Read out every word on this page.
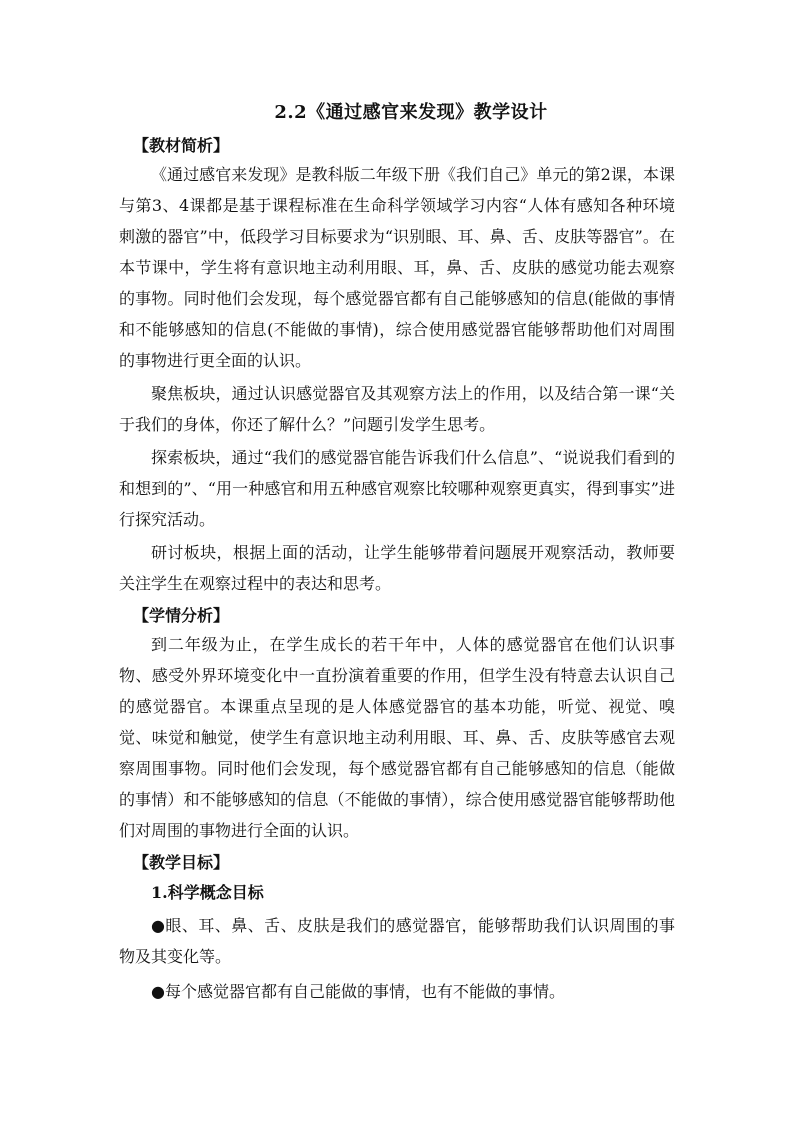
2.2《通过感官来发现》教学设计
【教材简析】

《通过感官来发现》是教科版二年级下册《我们自己》单元的第2课，本课与第3、4课都是基于课程标准在生命科学领域学习内容“人体有感知各种环境刺激的器官”中，低段学习目标要求为“识别眼、耳、鼻、舌、皮肤等器官”。在本节课中，学生将有意识地主动利用眼、耳，鼻、舌、皮肤的感觉功能去观察的事物。同时他们会发现，每个感觉器官都有自己能够感知的信息(能做的事情和不能够感知的信息(不能做的事情)，综合使用感觉器官能够帮助他们对周围的事物进行更全面的认识。

聚焦板块，通过认识感觉器官及其观察方法上的作用，以及结合第一课“关于我们的身体，你还了解什么？”问题引发学生思考。

探索板块，通过“我们的感觉器官能告诉我们什么信息”、“说说我们看到的和想到的”、“用一种感官和用五种感官观察比较哪种观察更真实，得到事实”进行探究活动。

研讨板块，根据上面的活动，让学生能够带着问题展开观察活动，教师要关注学生在观察过程中的表达和思考。

【学情分析】

到二年级为止，在学生成长的若干年中，人体的感觉器官在他们认识事物、感受外界环境变化中一直扮演着重要的作用，但学生没有特意去认识自己的感觉器官。本课重点呈现的是人体感觉器官的基本功能，听觉、视觉、嗅觉、味觉和触觉，使学生有意识地主动利用眼、耳、鼻、舌、皮肤等感官去观察周围事物。同时他们会发现，每个感觉器官都有自己能够感知的信息（能做的事情）和不能够感知的信息（不能做的事情），综合使用感觉器官能够帮助他们对周围的事物进行全面的认识。

【教学目标】
1.科学概念目标

●眼、耳、鼻、舌、皮肤是我们的感觉器官，能够帮助我们认识周围的事物及其变化等。

●每个感觉器官都有自己能做的事情，也有不能做的事情。
